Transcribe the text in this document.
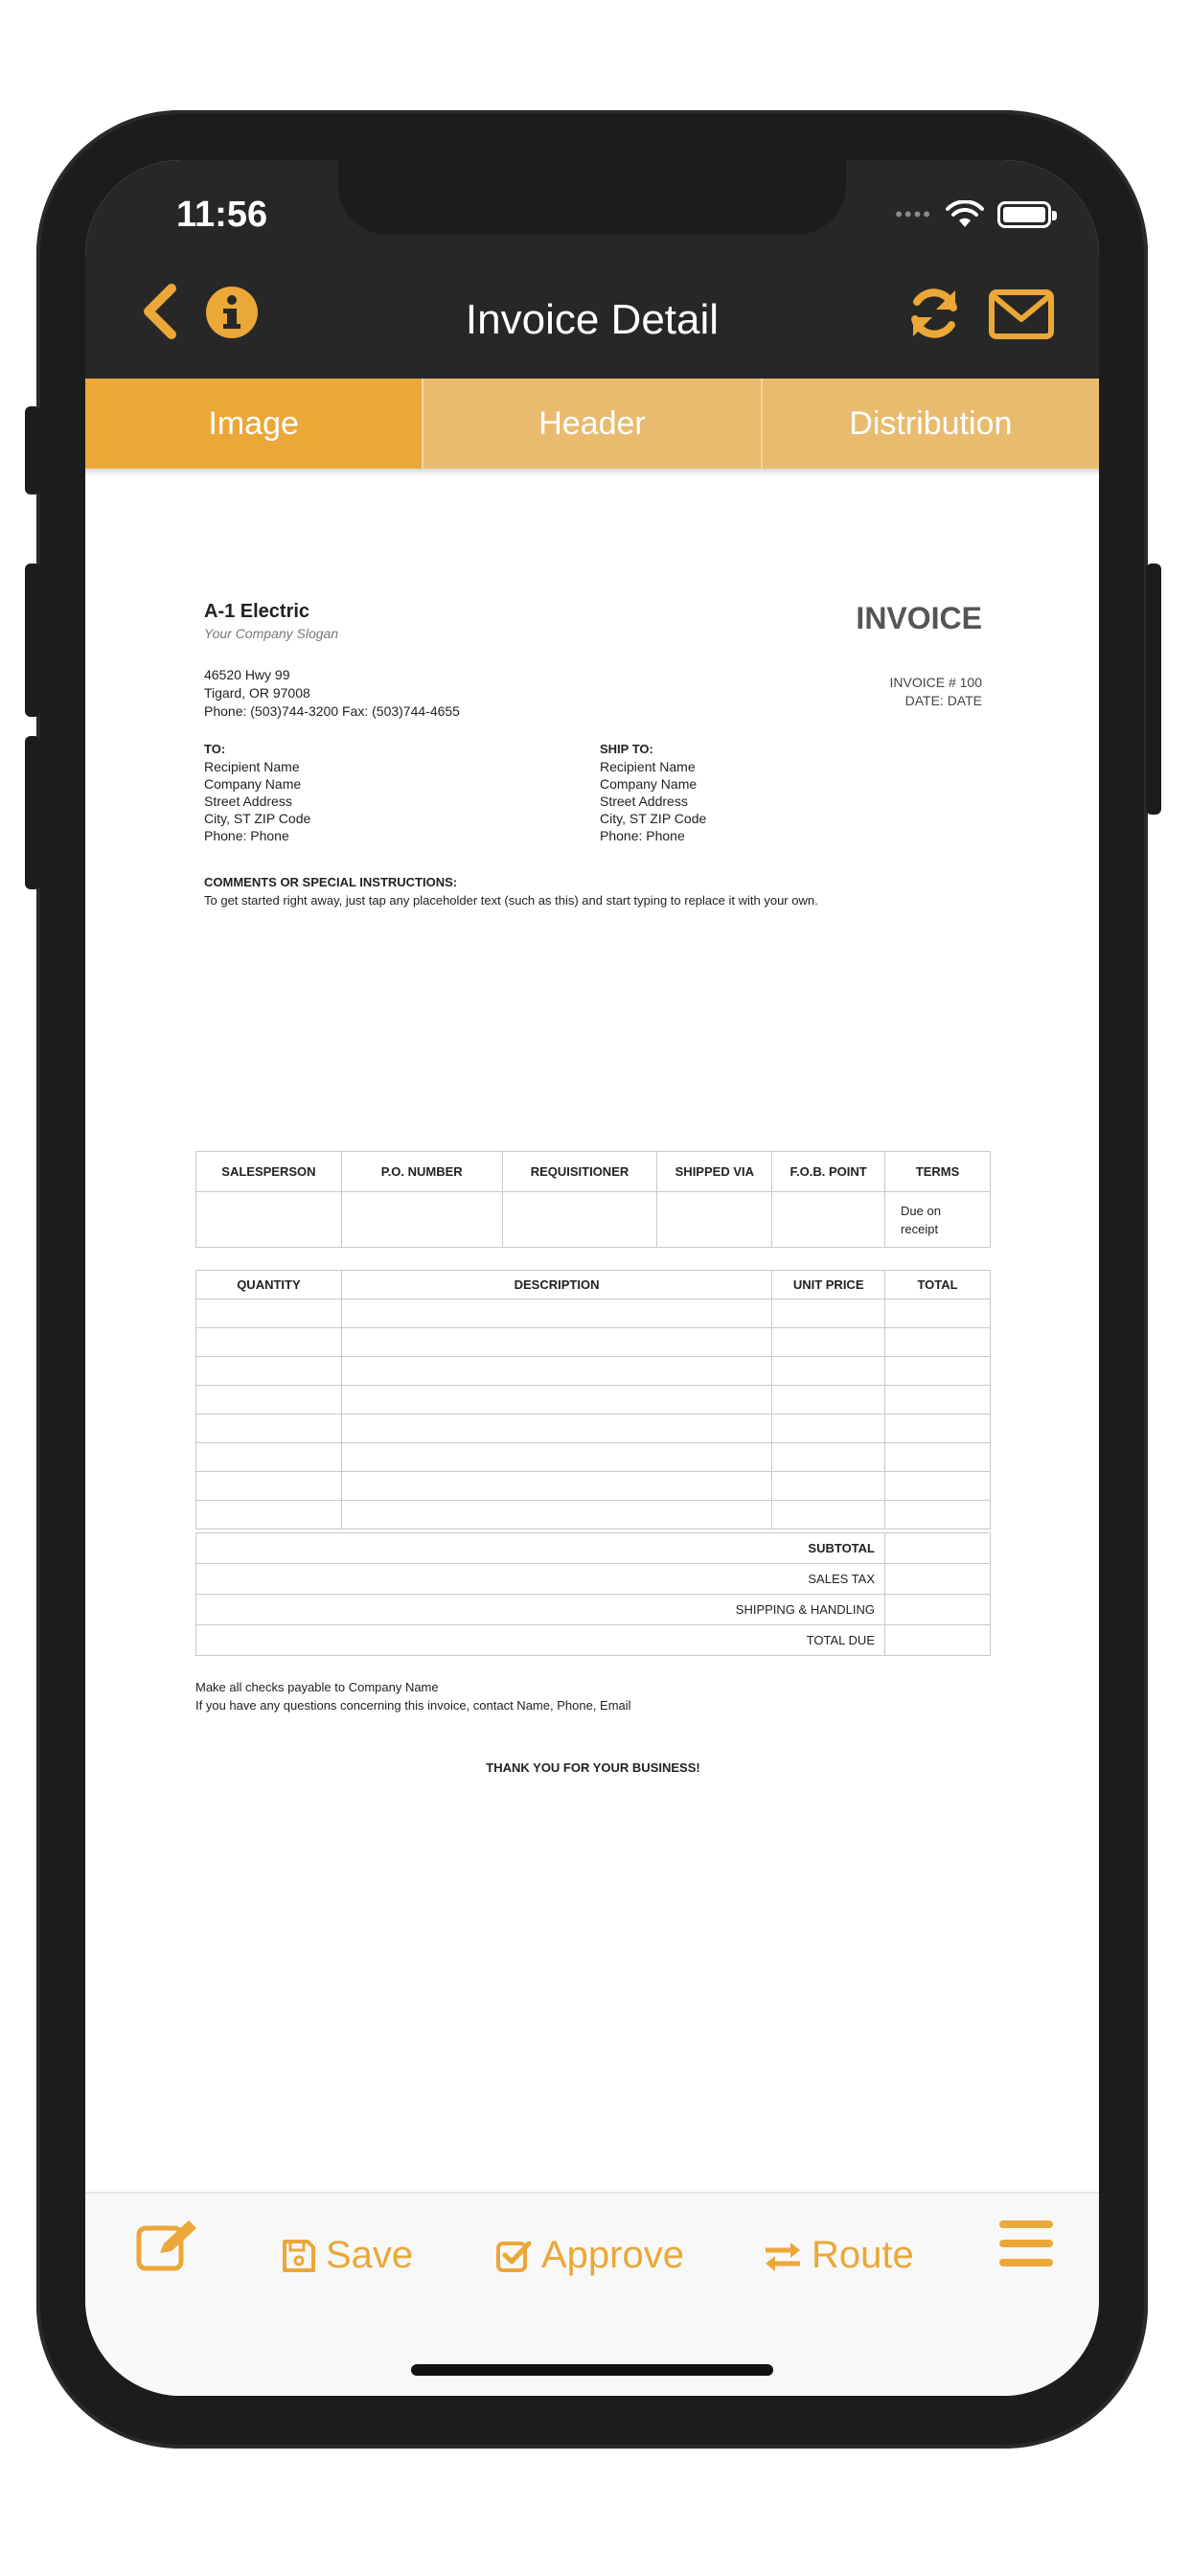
11:56	••••
Invoice Detail
Image	Header	Distribution
A-1 Electric
Your Company Slogan
46520 Hwy 99
Tigard, OR 97008
Phone: (503)744-3200 Fax: (503)744-4655
INVOICE
INVOICE # 100
DATE: DATE
TO:
Recipient Name
Company Name
Street Address
City, ST ZIP Code
Phone: Phone
SHIP TO:
Recipient Name
Company Name
Street Address
City, ST ZIP Code
Phone: Phone
COMMENTS OR SPECIAL INSTRUCTIONS:
To get started right away, just tap any placeholder text (such as this) and start typing to replace it with your own.
SALESPERSON	P.O. NUMBER	REQUISITIONER	SHIPPED VIA	F.O.B. POINT	TERMS
					Due on receipt
QUANTITY	DESCRIPTION	UNIT PRICE	TOTAL

SUBTOTAL	
SALES TAX	
SHIPPING & HANDLING	
TOTAL DUE	
Make all checks payable to Company Name
If you have any questions concerning this invoice, contact Name, Phone, Email
THANK YOU FOR YOUR BUSINESS!
Save	Approve	Route
